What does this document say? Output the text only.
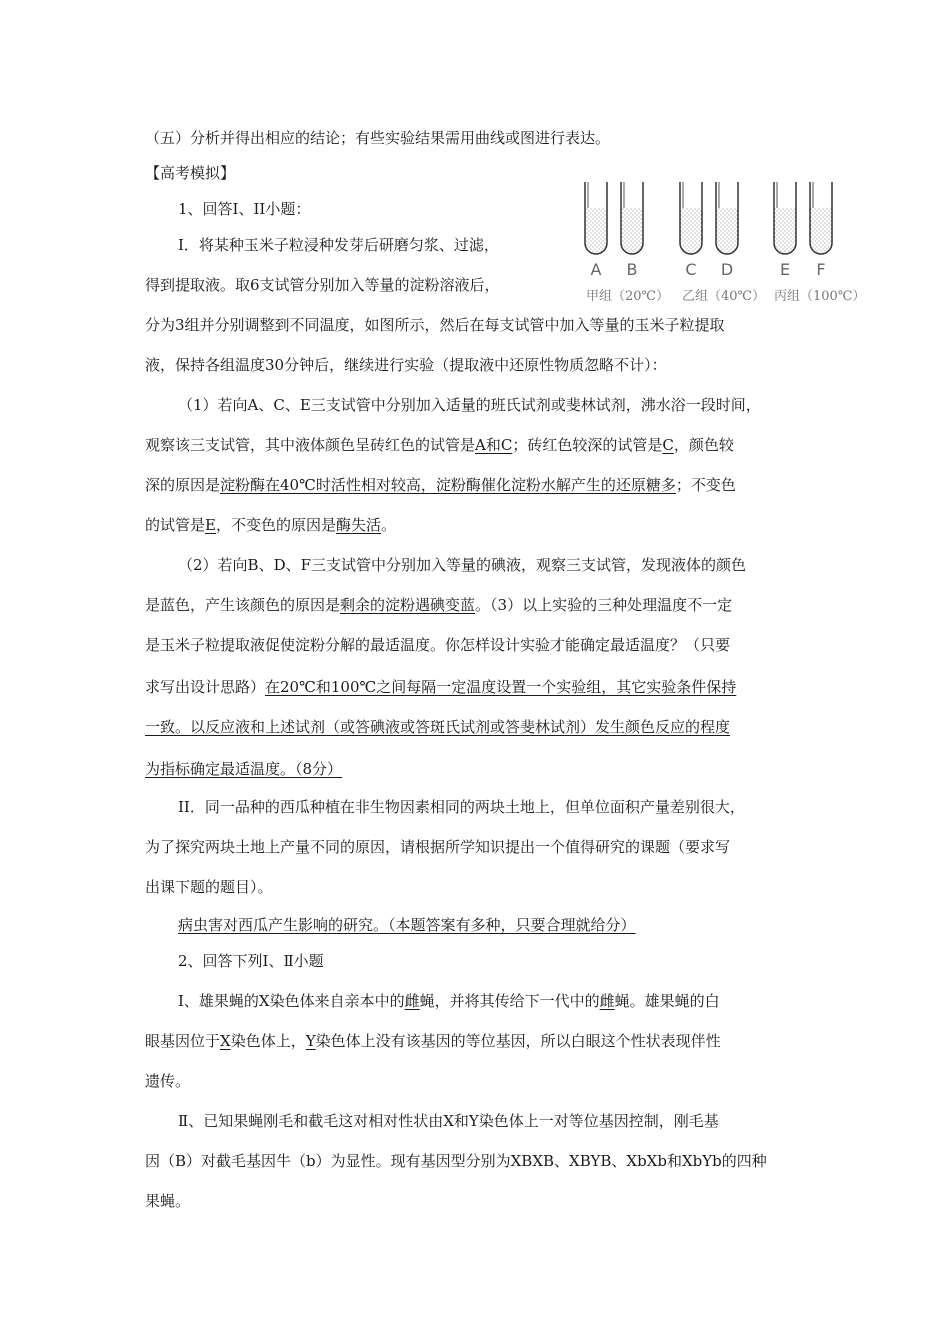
A B	C D	E F
甲组（20℃） 乙组（40℃） 丙组（100℃）
（五）分析并得出相应的结论；有些实验结果需用曲线或图进行表达。
【高考模拟】
1、回答I、II小题：
I．将某种玉米子粒浸种发芽后研磨匀浆、过滤，
得到提取液。取6支试管分别加入等量的淀粉溶液后，
分为3组并分别调整到不同温度，如图所示，然后在每支试管中加入等量的玉米子粒提取
液，保持各组温度30分钟后，继续进行实验（提取液中还原性物质忽略不计）：
（1）若向A、C、E三支试管中分别加入适量的班氏试剂或斐林试剂，沸水浴一段时间，
观察该三支试管，其中液体颜色呈砖红色的试管是A和C；砖红色较深的试管是C，颜色较
深的原因是淀粉酶在40℃时活性相对较高，淀粉酶催化淀粉水解产生的还原糖多；不变色
的试管是E，不变色的原因是酶失活。
（2）若向B、D、F三支试管中分别加入等量的碘液，观察三支试管，发现液体的颜色
是蓝色，产生该颜色的原因是剩余的淀粉遇碘变蓝。（3）以上实验的三种处理温度不一定
是玉米子粒提取液促使淀粉分解的最适温度。你怎样设计实验才能确定最适温度？（只要
求写出设计思路）在20℃和100℃之间每隔一定温度设置一个实验组，其它实验条件保持
一致。以反应液和上述试剂（或答碘液或答斑氏试剂或答斐林试剂）发生颜色反应的程度
为指标确定最适温度。（8分）
II．同一品种的西瓜种植在非生物因素相同的两块土地上，但单位面积产量差别很大，
为了探究两块土地上产量不同的原因，请根据所学知识提出一个值得研究的课题（要求写
出课下题的题目）。
病虫害对西瓜产生影响的研究。（本题答案有多种，只要合理就给分）
2、回答下列Ⅰ、Ⅱ小题
Ⅰ、雄果蝇的X染色体来自亲本中的雌蝇，并将其传给下一代中的雌蝇。雄果蝇的白
眼基因位于X染色体上，Y染色体上没有该基因的等位基因，所以白眼这个性状表现伴性
遗传。
Ⅱ、已知果蝇刚毛和截毛这对相对性状由X和Y染色体上一对等位基因控制，刚毛基
因（B）对截毛基因牛（b）为显性。现有基因型分别为XBXB、XBYB、XbXb和XbYb的四种
果蝇。
